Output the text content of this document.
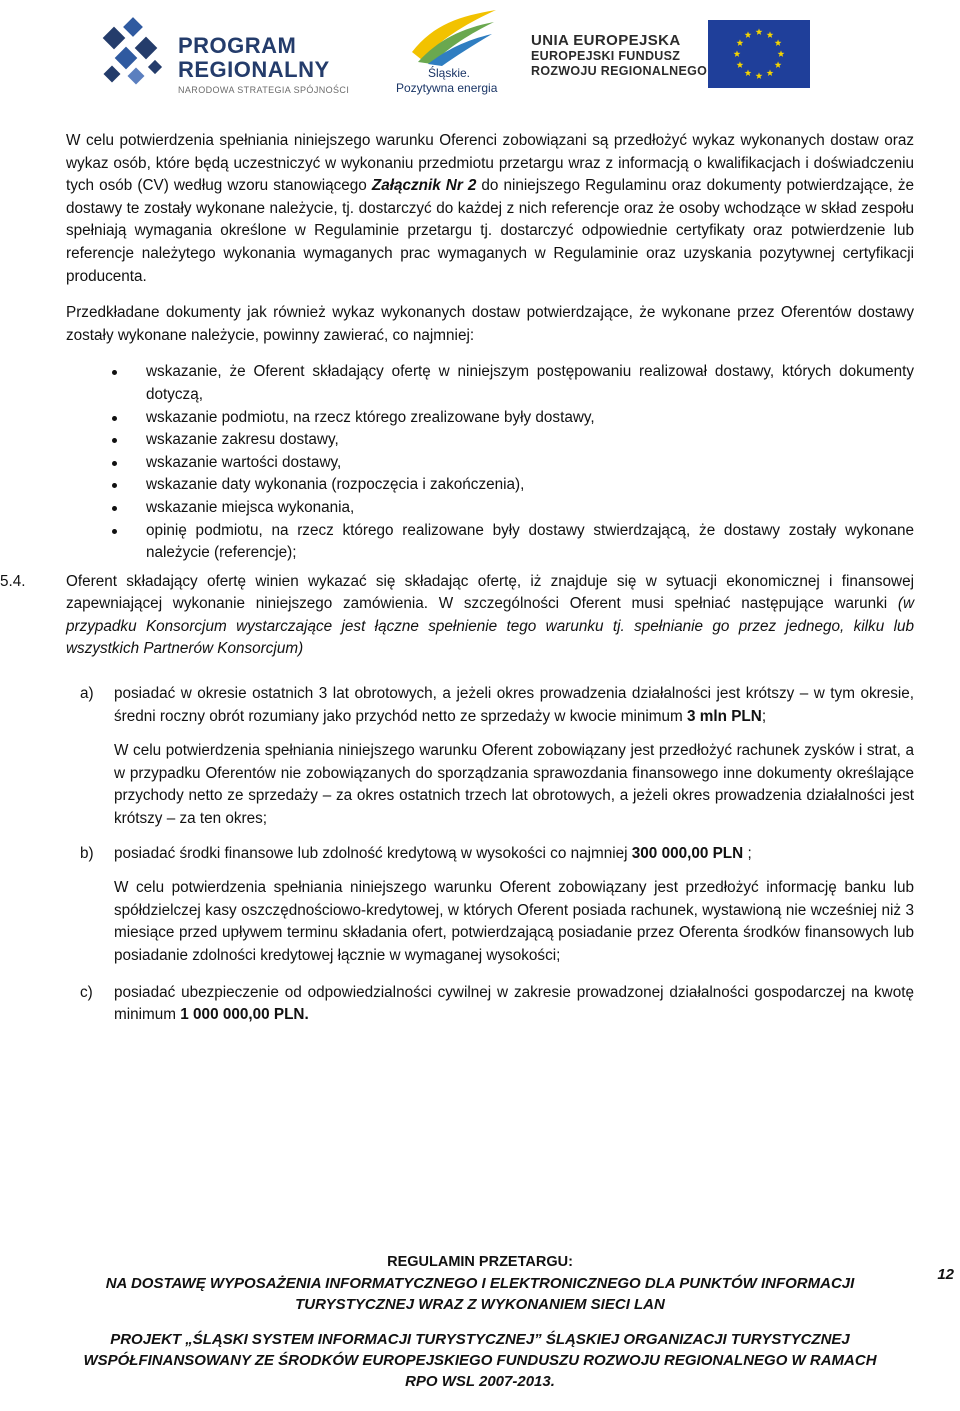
PROGRAM
REGIONALNY
NARODOWA STRATEGIA SPÓJNOŚCI
Śląskie.
Pozytywna energia
UNIA EUROPEJSKA
EUROPEJSKI FUNDUSZ
ROZWOJU REGIONALNEGO

W celu potwierdzenia spełniania niniejszego warunku Oferenci zobowiązani są przedłożyć wykaz wykonanych dostaw oraz wykaz osób, które będą uczestniczyć w wykonaniu przedmiotu przetargu wraz z informacją o kwalifikacjach i doświadczeniu tych osób (CV) według wzoru stanowiącego Załącznik Nr 2 do niniejszego Regulaminu oraz dokumenty potwierdzające, że dostawy te zostały wykonane należycie, tj. dostarczyć do każdej z nich referencje oraz że osoby wchodzące w skład zespołu spełniają wymagania określone w Regulaminie przetargu tj. dostarczyć odpowiednie certyfikaty oraz potwierdzenie lub referencje należytego wykonania wymaganych prac wymaganych w Regulaminie oraz uzyskania pozytywnej certyfikacji producenta.

Przedkładane dokumenty jak również wykaz wykonanych dostaw potwierdzające, że wykonane przez Oferentów dostawy zostały wykonane należycie, powinny zawierać, co najmniej:

wskazanie, że Oferent składający ofertę w niniejszym postępowaniu realizował dostawy, których dokumenty dotyczą,
wskazanie podmiotu, na rzecz którego zrealizowane były dostawy,
wskazanie zakresu dostawy,
wskazanie wartości dostawy,
wskazanie daty wykonania (rozpoczęcia i zakończenia),
wskazanie miejsca wykonania,
opinię podmiotu, na rzecz którego realizowane były dostawy stwierdzającą, że dostawy zostały wykonane należycie (referencje);
5.4.	Oferent składający ofertę winien wykazać się składając ofertę, iż znajduje się w sytuacji ekonomicznej i finansowej zapewniającej wykonanie niniejszego zamówienia. W szczególności Oferent musi spełniać następujące warunki (w przypadku Konsorcjum wystarczające jest łączne spełnienie tego warunku tj. spełnianie go przez jednego, kilku lub wszystkich Partnerów Konsorcjum)
a) posiadać w okresie ostatnich 3 lat obrotowych, a jeżeli okres prowadzenia działalności jest krótszy – w tym okresie, średni roczny obrót rozumiany jako przychód netto ze sprzedaży w kwocie minimum 3 mln PLN;

W celu potwierdzenia spełniania niniejszego warunku Oferent zobowiązany jest przedłożyć rachunek zysków i strat, a w przypadku Oferentów nie zobowiązanych do sporządzania sprawozdania finansowego inne dokumenty określające przychody netto ze sprzedaży – za okres ostatnich trzech lat obrotowych, a jeżeli okres prowadzenia działalności jest krótszy – za ten okres;

b) posiadać środki finansowe lub zdolność kredytową w wysokości co najmniej 300 000,00 PLN ;

W celu potwierdzenia spełniania niniejszego warunku Oferent zobowiązany jest przedłożyć informację banku lub spółdzielczej kasy oszczędnościowo-kredytowej, w których Oferent posiada rachunek, wystawioną nie wcześniej niż 3 miesiące przed upływem terminu składania ofert, potwierdzającą posiadanie przez Oferenta środków finansowych lub posiadanie zdolności kredytowej łącznie w wymaganej wysokości;

c) posiadać ubezpieczenie od odpowiedzialności cywilnej w zakresie prowadzonej działalności gospodarczej na kwotę minimum 1 000 000,00 PLN.

REGULAMIN PRZETARGU:
NA DOSTAWĘ WYPOSAŻENIA INFORMATYCZNEGO I ELEKTRONICZNEGO DLA PUNKTÓW INFORMACJI
TURYSTYCZNEJ WRAZ Z WYKONANIEM SIECI LAN
PROJEKT „ŚLĄSKI SYSTEM INFORMACJI TURYSTYCZNEJ” ŚLĄSKIEJ ORGANIZACJI TURYSTYCZNEJ
WSPÓŁFINANSOWANY ZE ŚRODKÓW EUROPEJSKIEGO FUNDUSZU ROZWOJU REGIONALNEGO W RAMACH
RPO WSL 2007-2013.
12
